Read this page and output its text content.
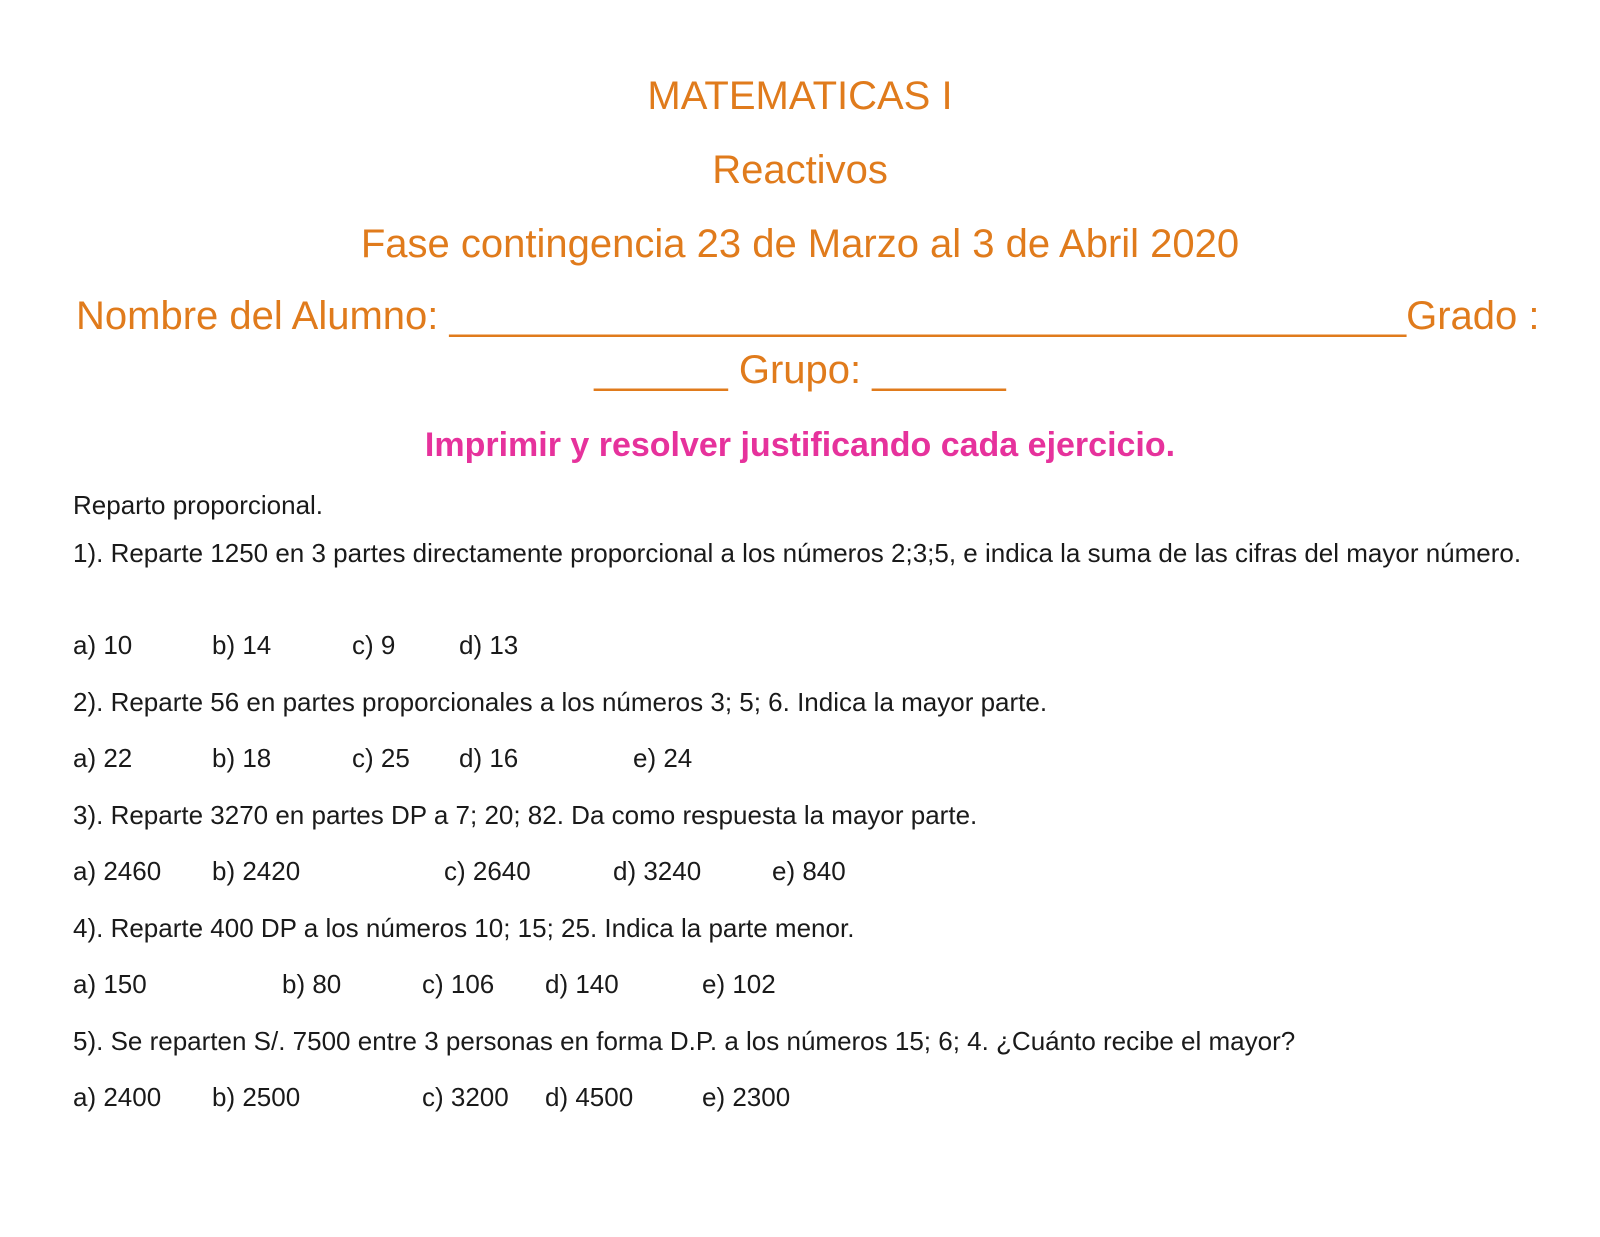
MATEMATICAS I
Reactivos
Fase contingencia 23 de Marzo al 3 de Abril 2020
Nombre del Alumno: ___________________________________________ Grado :
______ Grupo: ______
Imprimir y resolver justificando cada ejercicio.
Reparto proporcional.
1). Reparte 1250 en 3 partes directamente proporcional a los números 2;3;5, e indica la suma de las cifras del mayor número.
a) 10	b) 14	c) 9 d) 13
2). Reparte 56 en partes proporcionales a los números 3; 5; 6. Indica la mayor parte.
a) 22	b) 18	c) 25 d) 16	e) 24
3). Reparte 3270 en partes DP a 7; 20; 82. Da como respuesta la mayor parte.
a) 2460 b) 2420	c) 2640	d) 3240	e) 840
4). Reparte 400 DP a los números 10; 15; 25. Indica la parte menor.
a) 150	b) 80	c) 106 d) 140	e) 102
5). Se reparten S/. 7500 entre 3 personas en forma D.P. a los números 15; 6; 4. ¿Cuánto recibe el mayor?
a) 2400 b) 2500	c) 3200 d) 4500	e) 2300
